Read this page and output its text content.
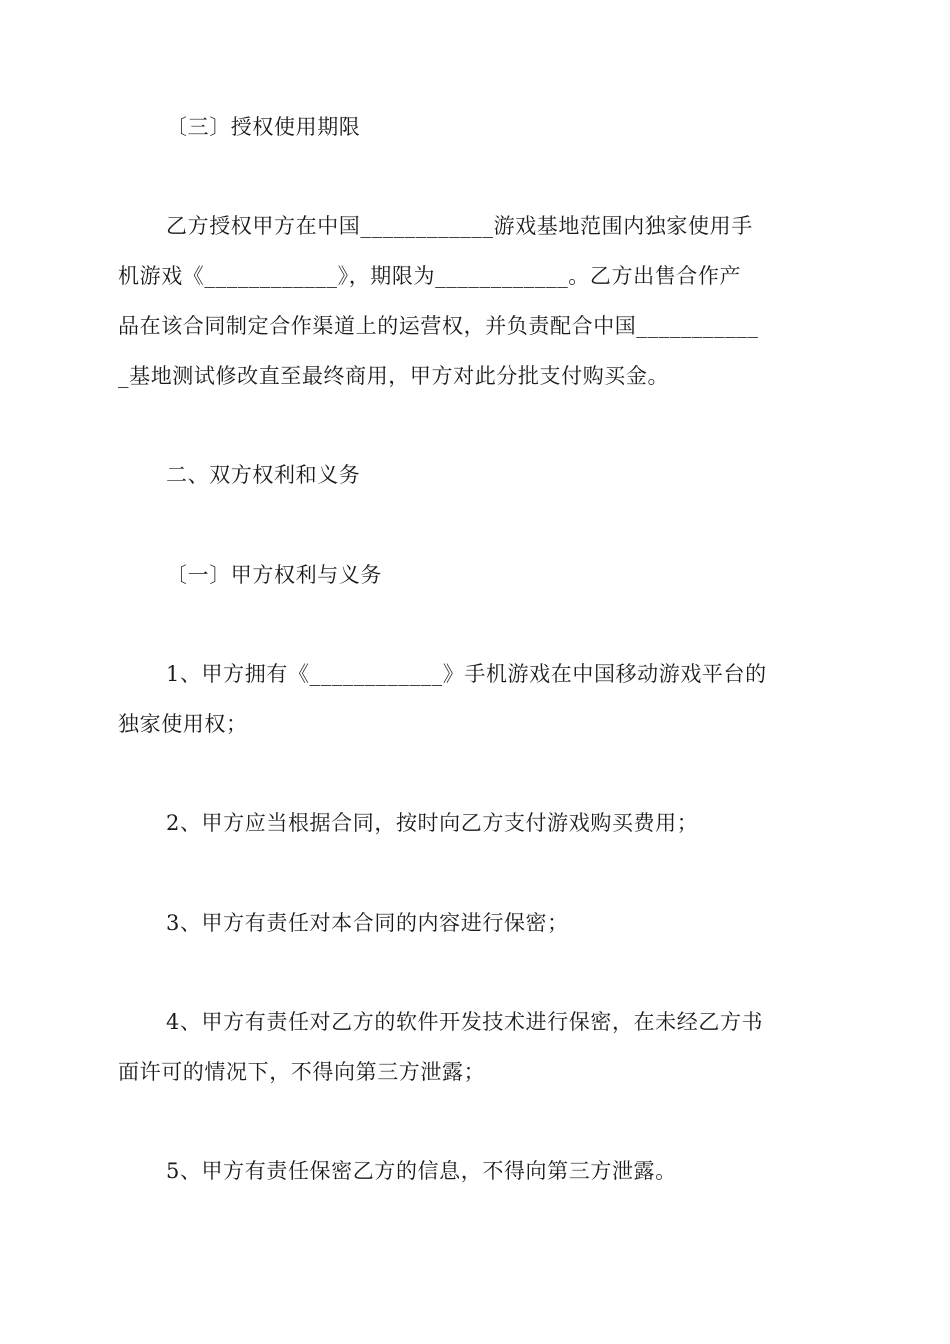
〔三〕授权使用期限
乙方授权甲方在中国____________游戏基地范围内独家使用手
机游戏《____________》，期限为____________。乙方出售合作产
品在该合同制定合作渠道上的运营权，并负责配合中国___________
_基地测试修改直至最终商用，甲方对此分批支付购买金。
二、双方权利和义务
〔一〕甲方权利与义务
1、甲方拥有《____________》手机游戏在中国移动游戏平台的
独家使用权；
2、甲方应当根据合同，按时向乙方支付游戏购买费用；
3、甲方有责任对本合同的内容进行保密；
4、甲方有责任对乙方的软件开发技术进行保密，在未经乙方书
面许可的情况下，不得向第三方泄露；
5、甲方有责任保密乙方的信息，不得向第三方泄露。
